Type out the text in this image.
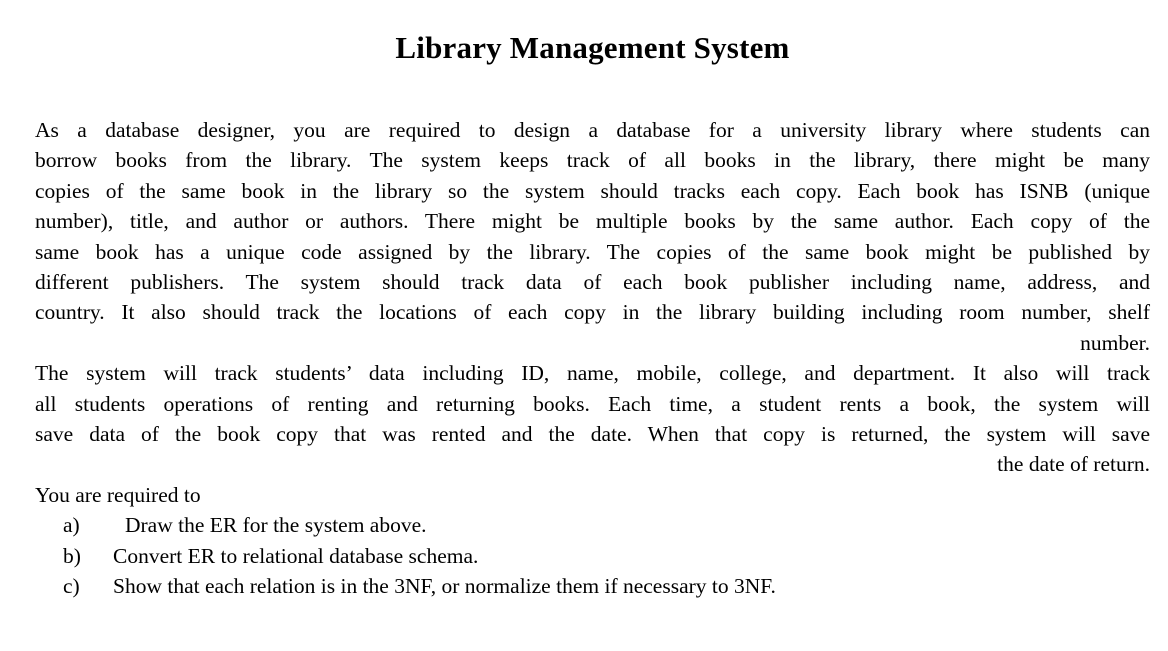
Library Management System
As a database designer, you are required to design a database for a university library where students can
borrow books from the library. The system keeps track of all books in the library, there might be many
copies of the same book in the library so the system should tracks each copy. Each book has ISNB (unique
number), title, and author or authors. There might be multiple books by the same author. Each copy of the
same book has a unique code assigned by the library. The copies of the same book might be published by
different publishers. The system should track data of each book publisher including name, address, and
country. It also should track the locations of each copy in the library building including room number, shelf
number.
The system will track students’ data including ID, name, mobile, college, and department. It also will track
all students operations of renting and returning books. Each time, a student rents a book, the system will
save data of the book copy that was rented and the date. When that copy is returned, the system will save
the date of return.
You are required to
a)	Draw the ER for the system above.
b)	Convert ER to relational database schema.
c)	Show that each relation is in the 3NF, or normalize them if necessary to 3NF.
